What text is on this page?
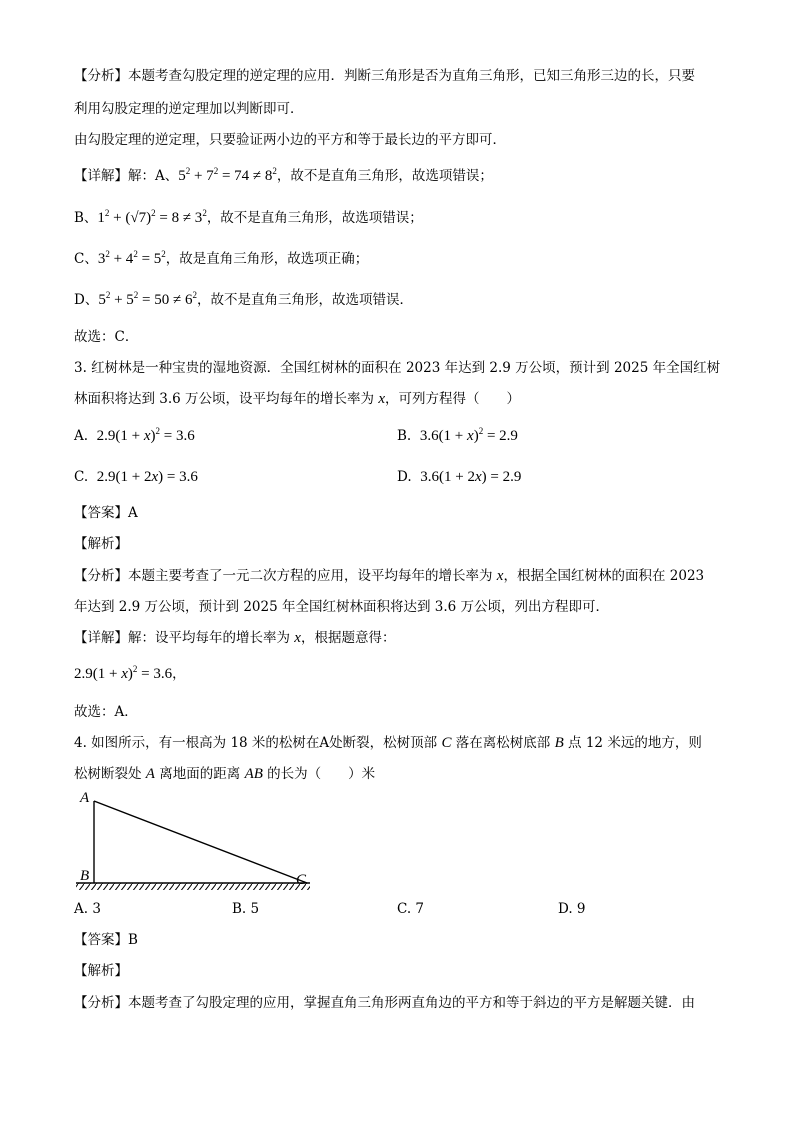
【分析】本题考查勾股定理的逆定理的应用．判断三角形是否为直角三角形，已知三角形三边的长，只要
利用勾股定理的逆定理加以判断即可．
由勾股定理的逆定理，只要验证两小边的平方和等于最长边的平方即可．
【详解】解：A、$5^2 + 7^2 = 74 \ne 8^2$，故不是直角三角形，故选项错误；
B、$1^2 + (√7)^2 = 8 \ne 3^2$，故不是直角三角形，故选项错误；
C、$3^2 + 4^2 = 5^2$，故是直角三角形，故选项正确；
D、$5^2 + 5^2 = 50 \ne 6^2$，故不是直角三角形，故选项错误．
故选：C．
3. 红树林是一种宝贵的湿地资源．全国红树林的面积在 2023 年达到 2.9 万公顷，预计到 2025 年全国红树
林面积将达到 3.6 万公顷，设平均每年的增长率为 x，可列方程得（　　）
A. $2.9(1 + x)^2 = 3.6$	B. $3.6(1 + x)^2 = 2.9$
C. 2.9(1 + 2x) = 3.6	D. 3.6(1 + 2x) = 2.9
【答案】A
【解析】
【分析】本题主要考查了一元二次方程的应用，设平均每年的增长率为 x，根据全国红树林的面积在 2023
年达到 2.9 万公顷，预计到 2025 年全国红树林面积将达到 3.6 万公顷，列出方程即可．
【详解】解：设平均每年的增长率为 x，根据题意得：
$2.9(1 + x)^2 = 3.6$，
故选：A．
4. 如图所示，有一根高为 18 米的松树在A处断裂，松树顶部 C 落在离松树底部 B 点 12 米远的地方，则
松树断裂处 A 离地面的距离 AB 的长为（　　）米
A
B	C
A. 3	B. 5	C. 7	D. 9
【答案】B
【解析】
【分析】本题考查了勾股定理的应用，掌握直角三角形两直角边的平方和等于斜边的平方是解题关键．由
